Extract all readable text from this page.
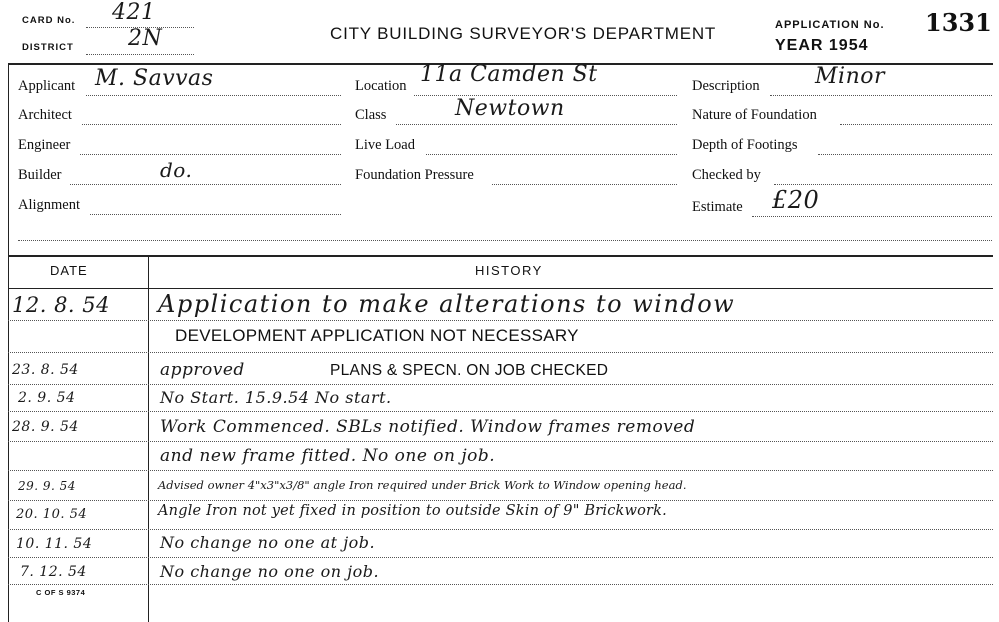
CARD No. 421
DISTRICT 2N	CITY BUILDING SURVEYOR'S DEPARTMENT	APPLICATION No. 1331
YEAR 1954
Applicant M. Savvas
Architect
Engineer
Builder	do.
Alignment
Location 11a Camden St
Class	Newtown
Live Load
Foundation Pressure
Description	Minor
Nature of Foundation
Depth of Footings
Checked by
Estimate £20
DATE	HISTORY
12. 8. 54 Application to make alterations to window
DEVELOPMENT APPLICATION NOT NECESSARY
23. 8. 54	approved	PLANS & SPECN. ON JOB CHECKED
2. 9. 54	No Start. 15.9.54 No start.
28. 9. 54	Work Commenced. SBLs notified. Window frames removed
and new frame fitted. No one on job.
29. 9. 54	Advised owner 4"x3"x3/8" angle Iron required under Brick Work to Window opening head.
20. 10. 54	Angle Iron not yet fixed in position to outside Skin of 9" Brickwork.
10. 11. 54	No change no one at job.
7. 12. 54	No change no one on job.
C OF S 9374
